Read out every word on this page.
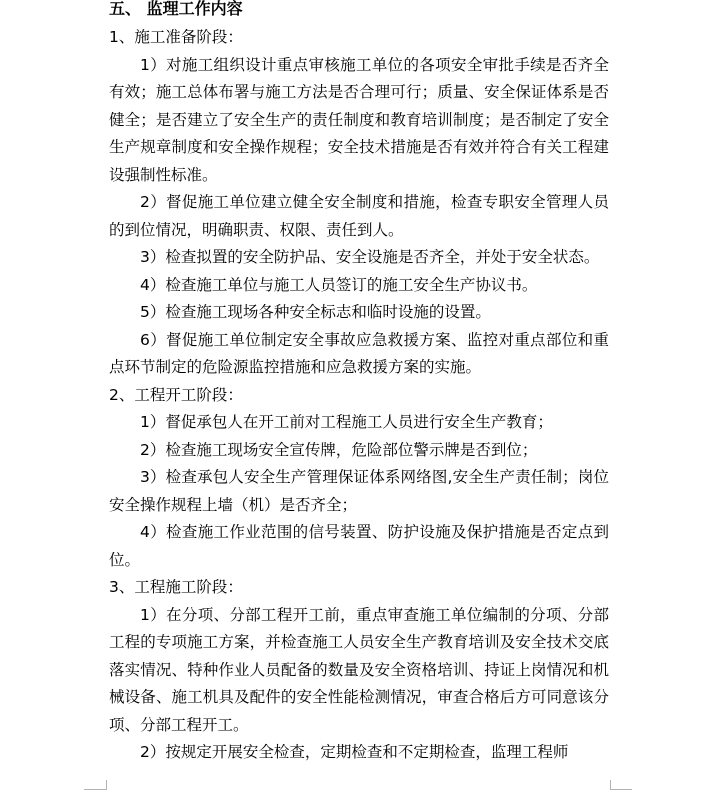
五、 监理工作内容

1、施工准备阶段：

1）对施工组织设计重点审核施工单位的各项安全审批手续是否齐全有效；施工总体布署与施工方法是否合理可行；质量、安全保证体系是否健全；是否建立了安全生产的责任制度和教育培训制度；是否制定了安全生产规章制度和安全操作规程；安全技术措施是否有效并符合有关工程建设强制性标准。
2）督促施工单位建立健全安全制度和措施，检查专职安全管理人员的到位情况，明确职责、权限、责任到人。
3）检查拟置的安全防护品、安全设施是否齐全，并处于安全状态。
4）检查施工单位与施工人员签订的施工安全生产协议书。
5）检查施工现场各种安全标志和临时设施的设置。
6）督促施工单位制定安全事故应急救援方案、监控对重点部位和重点环节制定的危险源监控措施和应急救援方案的实施。

2、工程开工阶段：

1）督促承包人在开工前对工程施工人员进行安全生产教育；
2）检查施工现场安全宣传牌，危险部位警示牌是否到位；
3）检查承包人安全生产管理保证体系网络图,安全生产责任制；岗位安全操作规程上墙（机）是否齐全；
4）检查施工作业范围的信号装置、防护设施及保护措施是否定点到位。

3、工程施工阶段：

1）在分项、分部工程开工前，重点审查施工单位编制的分项、分部工程的专项施工方案，并检查施工人员安全生产教育培训及安全技术交底落实情况、特种作业人员配备的数量及安全资格培训、持证上岗情况和机械设备、施工机具及配件的安全性能检测情况，审查合格后方可同意该分项、分部工程开工。
2）按规定开展安全检查，定期检查和不定期检查，监理工程师
